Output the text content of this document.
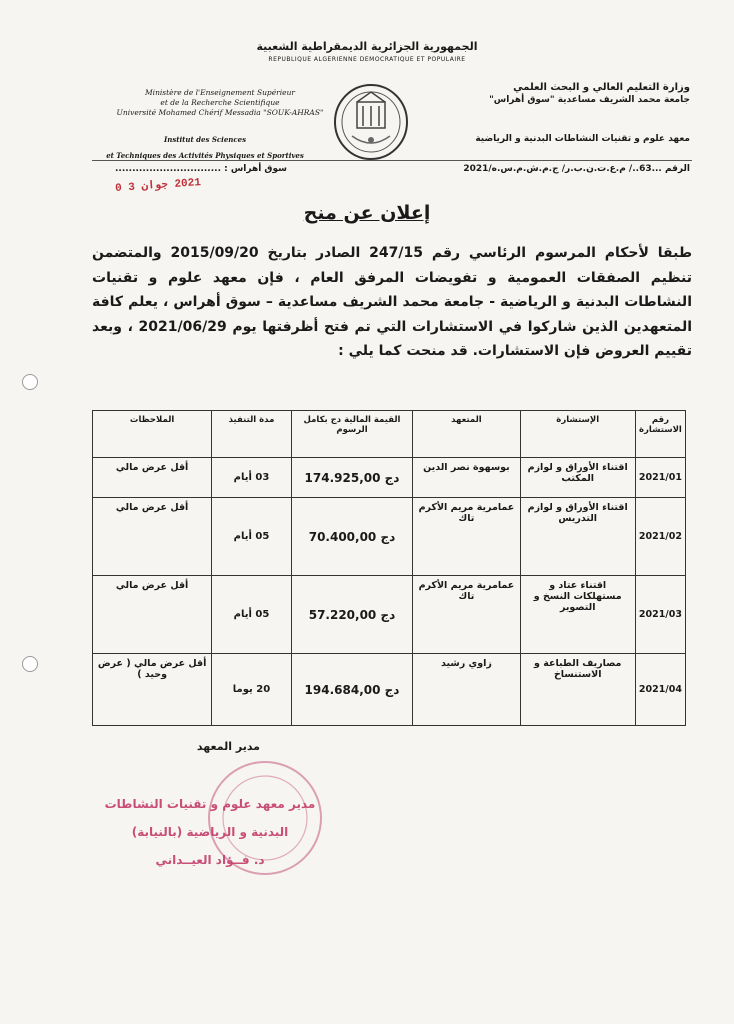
الجمهورية الجزائرية الديمقراطية الشعبية
REPUBLIQUE ALGERIENNE DEMOCRATIQUE ET POPULAIRE
وزارة التعليم العالي و البحث العلمي
جامعة محمد الشريف مساعدية "سوق أهراس"
معهد علوم و تقنيات النشاطات البدنية و الرياضية
Ministère de l'Enseignement Supérieur
et de la Recherche Scientifique
Université Mohamed Chérif Messadia "SOUK-AHRAS"
Institut des Sciences
et Techniques des Activités Physiques et Sportives
الرقم ...63../ م.ع.ت.ن.ب.ر/ ج.م.ش.م.س.ه/2021
سوق أهراس : ...............................
2021 جوان 3 0
إعلان عن منح
طبقا لأحكام المرسوم الرئاسي رقم 247/15 الصادر بتاريخ 2015/09/20 والمتضمن تنظيم الصفقات العمومية و تفويضات المرفق العام ، فإن معهد علوم و تقنيات النشاطات البدنية و الرياضية - جامعة محمد الشريف مساعدية – سوق أهراس ، يعلم كافة المتعهدين الذين شاركوا في الاستشارات التي تم فتح أظرفتها يوم 2021/06/29 ، وبعد تقييم العروض فإن الاستشارات. قد منحت كما يلي :
رقم الاستشارة	الإستشارة	المتعهد	القيمة المالية دج بكامل الرسوم	مدة التنفيذ	الملاحظات
2021/01	اقتناء الأوراق و لوازم المكتب	بوسهوة نصر الدين	174.925,00 دج	03 أيام	أقل عرض مالي
2021/02	اقتناء الأوراق و لوازم التدريس	عمامرية مريم الأكرم تاك	70.400,00 دج	05 أيام	أقل عرض مالي
2021/03	اقتناء عتاد و مستهلكات النسخ و التصوير	عمامرية مريم الأكرم تاك	57.220,00 دج	05 أيام	أقل عرض مالي
2021/04	مصاريف الطباعة و الاستنساخ	زاوي رشيد	194.684,00 دج	20 يوما	أقل عرض مالي ( عرض وحيد )
مدير المعهد
مدير معهد علوم و تقنيات النشاطات
البدنية و الرياضية (بالنيابة)
د. فــؤاد العيــداني
